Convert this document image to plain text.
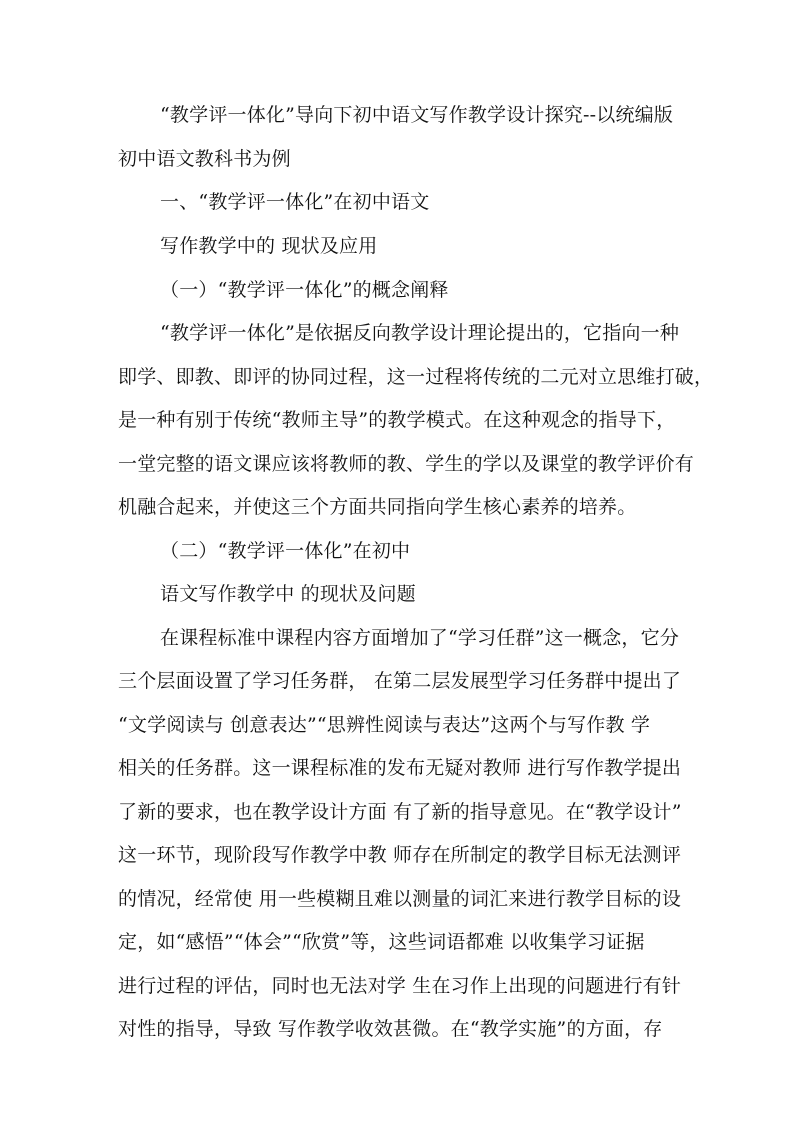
“教学评一体化”导向下初中语文写作教学设计探究--以统编版
初中语文教科书为例
一、“教学评一体化”在初中语文
写作教学中的 现状及应用
（一）“教学评一体化”的概念阐释
“教学评一体化”是依据反向教学设计理论提出的，它指向一种
即学、即教、即评的协同过程，这一过程将传统的二元对立思维打破，
是一种有别于传统“教师主导”的教学模式。在这种观念的指导下，
一堂完整的语文课应该将教师的教、学生的学以及课堂的教学评价有
机融合起来，并使这三个方面共同指向学生核心素养的培养。
（二）“教学评一体化”在初中
语文写作教学中 的现状及问题
在课程标准中课程内容方面增加了“学习任群”这一概念，它分
三个层面设置了学习任务群， 在第二层发展型学习任务群中提出了
“文学阅读与 创意表达”“思辨性阅读与表达”这两个与写作教 学
相关的任务群。这一课程标准的发布无疑对教师 进行写作教学提出
了新的要求，也在教学设计方面 有了新的指导意见。在“教学设计”
这一环节，现阶段写作教学中教 师存在所制定的教学目标无法测评
的情况，经常使 用一些模糊且难以测量的词汇来进行教学目标的设
定，如“感悟”“体会”“欣赏”等，这些词语都难 以收集学习证据
进行过程的评估，同时也无法对学 生在习作上出现的问题进行有针
对性的指导，导致 写作教学收效甚微。在“教学实施”的方面，存
